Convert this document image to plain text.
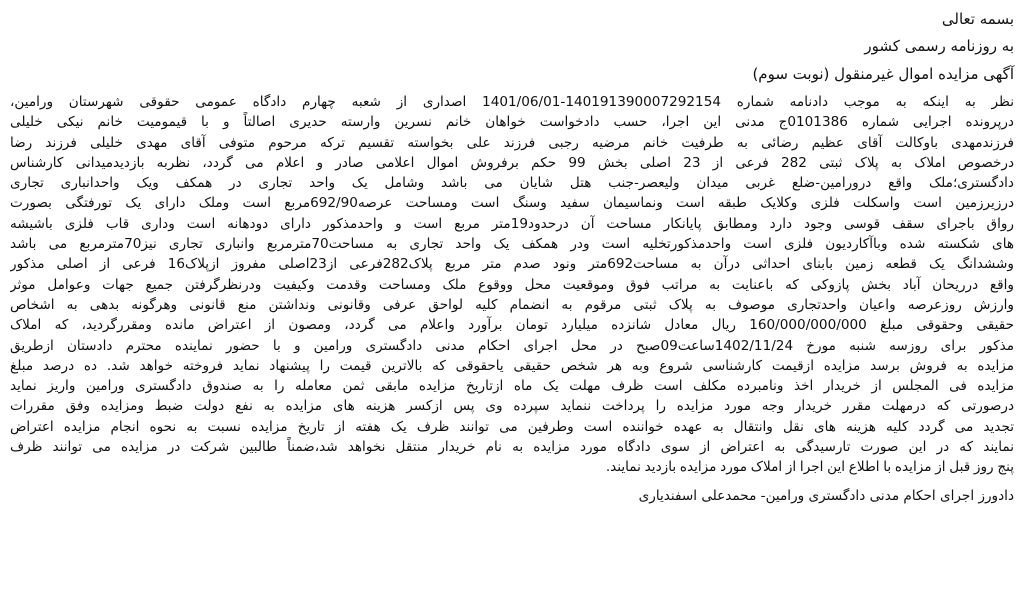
بسمه تعالی
به روزنامه رسمی کشور
آگهی مزایده اموال غیرمنقول (نوبت سوم)
نظر به اینکه به موجب دادنامه شماره 140191390007292154-1401/06/01 اصداری از شعبه چهارم دادگاه عمومی حقوقی شهرستان ورامین،
درپرونده اجرایی شماره 0101386ج مدنی این اجرا، حسب دادخواست خواهان خانم نسرین وارسته حدیری اصالتاً و با قیمومیت خانم نیکی خلیلی
فرزندمهدی باوکالت آقای عظیم رضائی به طرفیت خانم مرضیه رجبی فرزند علی بخواسته تقسیم ترکه مرحوم متوفی آقای مهدی خلیلی فرزند رضا
درخصوص املاک به پلاک ثبتی 282 فرعی از 23 اصلی بخش 99 حکم برفروش اموال اعلامی صادر و اعلام می گردد، نظربه بازدیدمیدانی کارشناس
دادگستری؛ملک واقع درورامین-ضلع غربی میدان ولیعصر-جنب هتل شایان می باشد وشامل یک واحد تجاری در همکف ویک واحدانباری تجاری
درزیرزمین است واسکلت فلزی وکلایک طبقه است ونماسیمان سفید وسنگ است ومساحت عرصه692/90مربع است وملک دارای یک تورفتگی بصورت
رواق باجرای سقف قوسی وجود دارد ومطابق پایانکار مساحت آن درحدود19متر مربع است و واحدمذکور دارای دودهانه است وداری قاب فلزی باشیشه
های شکسته شده وباآکاردیون فلزی است واحدمذکورتخلیه است ودر همکف یک واحد تجاری به مساحت70مترمربع وانباری تجاری نیز70مترمربع می باشد
وششدانگ یک قطعه زمین بابنای احداثی درآن به مساحت692متر ونود صدم متر مربع پلاک282فرعی از23اصلی مفروز ازپلاک16 فرعی از اصلی مذکور
واقع درریحان آباد بخش پازوکی که باعنایت به مراتب فوق وموقعیت محل ووقوع ملک ومساحت وقدمت وکیفیت ودرنظرگرفتن جمیع جهات وعوامل موثر
وارزش روزعرصه واعیان واحدتجاری موصوف به پلاک ثبتی مرقوم به انضمام کلیه لواحق عرفی وقانونی ونداشتن منع قانونی وهرگونه بدهی به اشخاص
حقیقی وحقوقی مبلغ 160/000/000/000 ریال معادل شانزده میلیارد تومان برآورد واعلام می گردد، ومصون از اعتراض مانده ومقررگردید، که املاک
مذکور برای روزسه شنبه مورخ 1402/11/24ساعت09صبح در محل اجرای احکام مدنی دادگستری ورامین و با حضور نماینده محترم دادستان ازطریق
مزایده به فروش برسد مزایده ازقیمت کارشناسی شروع وبه هر شخص حقیقی یاحقوقی که بالاترین قیمت را پیشنهاد نماید فروخته خواهد شد. ده درصد مبلغ
مزایده فی المجلس از خریدار اخذ ونامبرده مکلف است ظرف مهلت یک ماه ازتاریخ مزایده مابقی ثمن معامله را به صندوق دادگستری ورامین واریز نماید
درصورتی که درمهلت مقرر خریدار وجه مورد مزایده را پرداخت ننماید سپرده وی پس ازکسر هزینه های مزایده به نفع دولت ضبط ومزایده وفق مقررات
تجدید می گردد کلیه هزینه های نقل وانتقال به عهده خواننده است وطرفین می توانند ظرف یک هفته از تاریخ مزایده نسبت به نحوه انجام مزایده اعتراض
نمایند که در این صورت تارسیدگی به اعتراض از سوی دادگاه مورد مزایده به نام خریدار منتقل نخواهد شد،ضمناً طالبین شرکت در مزایده می توانند ظرف
پنج روز قبل از مزایده با اطلاع این اجرا از املاک مورد مزایده بازدید نمایند.
دادورز اجرای احکام مدنی دادگستری ورامین- محمدعلی اسفندیاری
